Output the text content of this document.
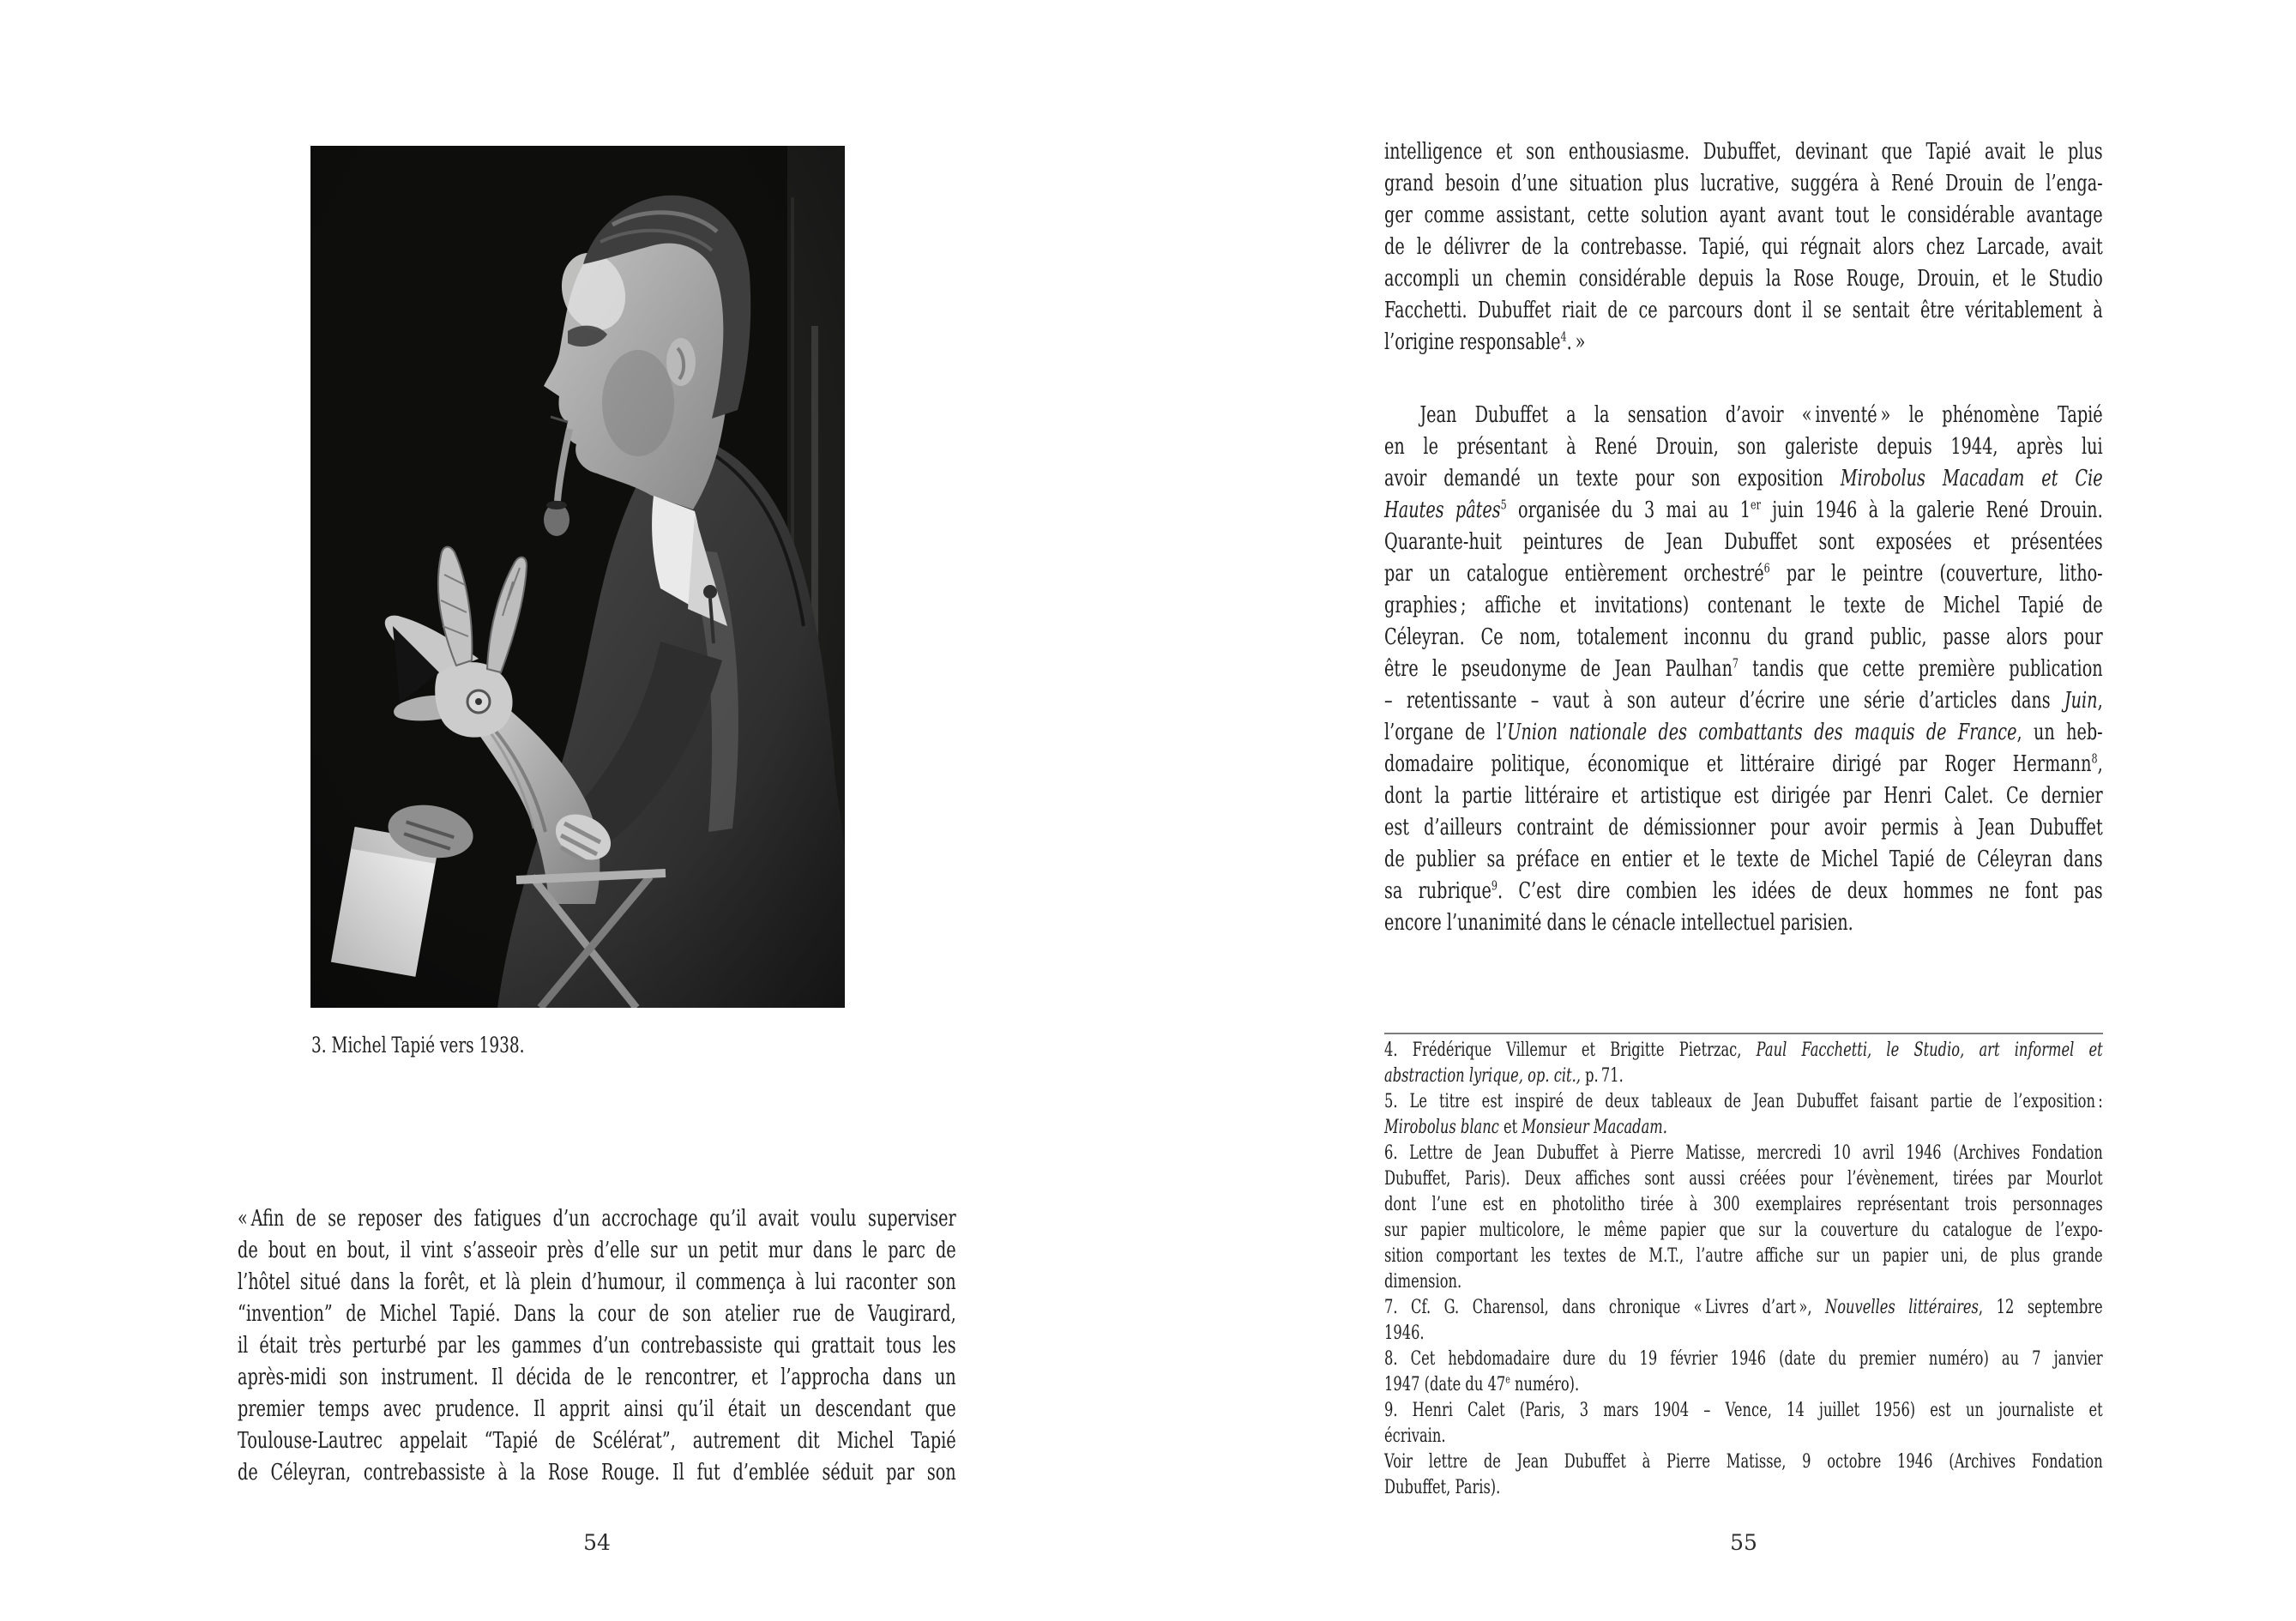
3. Michel Tapié vers 1938.
« Afin de se reposer des fatigues d’un accrochage qu’il avait voulu superviser
de bout en bout, il vint s’asseoir près d’elle sur un petit mur dans le parc de
l’hôtel situé dans la forêt, et là plein d’humour, il commença à lui raconter son
“invention” de Michel Tapié. Dans la cour de son atelier rue de Vaugirard,
il était très perturbé par les gammes d’un contrebassiste qui grattait tous les
après-midi son instrument. Il décida de le rencontrer, et l’approcha dans un
premier temps avec prudence. Il apprit ainsi qu’il était un descendant que
Toulouse-Lautrec appelait “Tapié de Scélérat”, autrement dit Michel Tapié
de Céleyran, contrebassiste à la Rose Rouge. Il fut d’emblée séduit par son
54
intelligence et son enthousiasme. Dubuffet, devinant que Tapié avait le plus
grand besoin d’une situation plus lucrative, suggéra à René Drouin de l’enga-
ger comme assistant, cette solution ayant avant tout le considérable avantage
de le délivrer de la contrebasse. Tapié, qui régnait alors chez Larcade, avait
accompli un chemin considérable depuis la Rose Rouge, Drouin, et le Studio
Facchetti. Dubuffet riait de ce parcours dont il se sentait être véritablement à
l’origine responsable$^4$. »
Jean Dubuffet a la sensation d’avoir « inventé » le phénomène Tapié
en le présentant à René Drouin, son galeriste depuis 1944, après lui
avoir demandé un texte pour son exposition Mirobolus Macadam et Cie
Hautes pâtes$^5$ organisée du 3 mai au 1er juin 1946 à la galerie René Drouin.
Quarante-huit peintures de Jean Dubuffet sont exposées et présentées
par un catalogue entièrement orchestré$^6$ par le peintre (couverture, litho-
graphies ; affiche et invitations) contenant le texte de Michel Tapié de
Céleyran. Ce nom, totalement inconnu du grand public, passe alors pour
être le pseudonyme de Jean Paulhan$^7$ tandis que cette première publication
– retentissante – vaut à son auteur d’écrire une série d’articles dans Juin,
l’organe de l’Union nationale des combattants des maquis de France, un heb-
domadaire politique, économique et littéraire dirigé par Roger Hermann$^8$,
dont la partie littéraire et artistique est dirigée par Henri Calet. Ce dernier
est d’ailleurs contraint de démissionner pour avoir permis à Jean Dubuffet
de publier sa préface en entier et le texte de Michel Tapié de Céleyran dans
sa rubrique$^9$. C’est dire combien les idées de deux hommes ne font pas
encore l’unanimité dans le cénacle intellectuel parisien.
4. Frédérique Villemur et Brigitte Pietrzac, Paul Facchetti, le Studio, art informel et
abstraction lyrique, op. cit., p. 71.
5. Le titre est inspiré de deux tableaux de Jean Dubuffet faisant partie de l’exposition :
Mirobolus blanc et Monsieur Macadam.
6. Lettre de Jean Dubuffet à Pierre Matisse, mercredi 10 avril 1946 (Archives Fondation
Dubuffet, Paris). Deux affiches sont aussi créées pour l’évènement, tirées par Mourlot
dont l’une est en photolitho tirée à 300 exemplaires représentant trois personnages
sur papier multicolore, le même papier que sur la couverture du catalogue de l’expo-
sition comportant les textes de M.T., l’autre affiche sur un papier uni, de plus grande
dimension.
7. Cf. G. Charensol, dans chronique « Livres d’art », Nouvelles littéraires, 12 septembre
1946.
8. Cet hebdomadaire dure du 19 février 1946 (date du premier numéro) au 7 janvier
1947 (date du 47e numéro).
9. Henri Calet (Paris, 3 mars 1904 – Vence, 14 juillet 1956) est un journaliste et
écrivain.
Voir lettre de Jean Dubuffet à Pierre Matisse, 9 octobre 1946 (Archives Fondation
Dubuffet, Paris).
55
